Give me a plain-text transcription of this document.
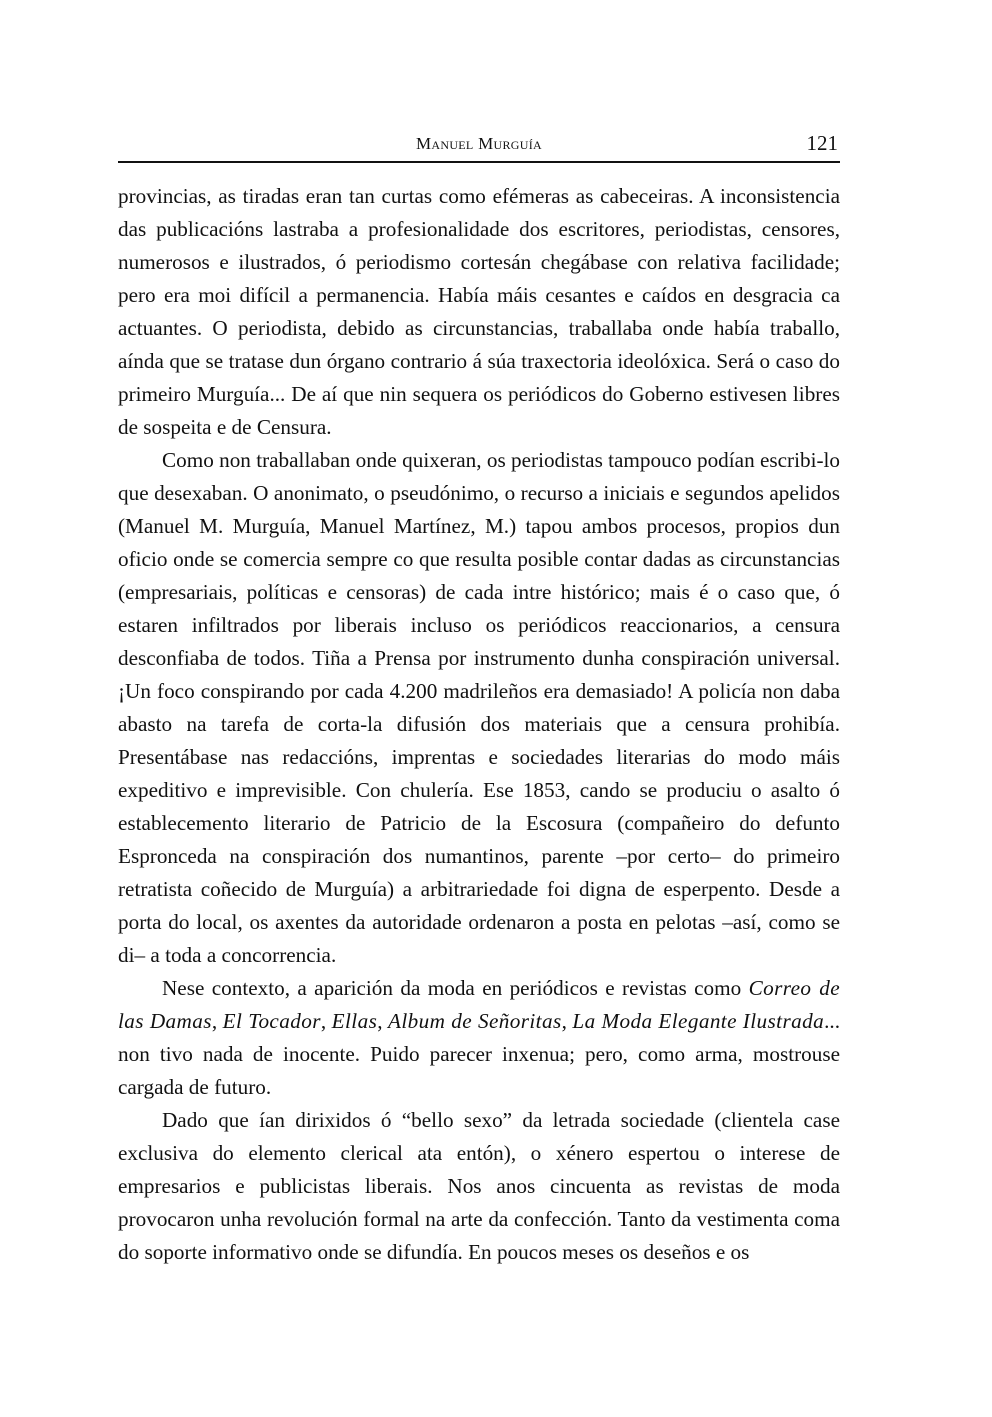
Manuel Murguía	121

provincias, as tiradas eran tan curtas como efémeras as cabeceiras. A inconsistencia das publicacións lastraba a profesionalidade dos escritores, periodistas, censores, numerosos e ilustrados, ó periodismo cortesán chegábase con relativa facilidade; pero era moi difícil a permanencia. Había máis cesantes e caídos en desgracia ca actuantes. O periodista, debido as circunstancias, traballaba onde había traballo, aínda que se tratase dun órgano contrario á súa traxectoria ideolóxica. Será o caso do primeiro Murguía... De aí que nin sequera os periódicos do Goberno estivesen libres de sospeita e de Censura.

Como non traballaban onde quixeran, os periodistas tampouco podían escribi-lo que desexaban. O anonimato, o pseudónimo, o recurso a iniciais e segundos apelidos (Manuel M. Murguía, Manuel Martínez, M.) tapou ambos procesos, propios dun oficio onde se comercia sempre co que resulta posible contar dadas as circunstancias (empresariais, políticas e censoras) de cada intre histórico; mais é o caso que, ó estaren infiltrados por liberais incluso os periódicos reaccionarios, a censura desconfiaba de todos. Tiña a Prensa por instrumento dunha conspiración universal. ¡Un foco conspirando por cada 4.200 madrileños era demasiado! A policía non daba abasto na tarefa de corta-la difusión dos materiais que a censura prohibía. Presentábase nas redaccións, imprentas e sociedades literarias do modo máis expeditivo e imprevisible. Con chulería. Ese 1853, cando se produciu o asalto ó establecemento literario de Patricio de la Escosura (compañeiro do defunto Espronceda na conspiración dos numantinos, parente –por certo– do primeiro retratista coñecido de Murguía) a arbitrariedade foi digna de esperpento. Desde a porta do local, os axentes da autoridade ordenaron a posta en pelotas –así, como se di– a toda a concorrencia.

Nese contexto, a aparición da moda en periódicos e revistas como Correo de las Damas, El Tocador, Ellas, Album de Señoritas, La Moda Elegante Ilustrada... non tivo nada de inocente. Puido parecer inxenua; pero, como arma, mostrouse cargada de futuro.

Dado que ían dirixidos ó “bello sexo” da letrada sociedade (clientela case exclusiva do elemento clerical ata entón), o xénero espertou o interese de empresarios e publicistas liberais. Nos anos cincuenta as revistas de moda provocaron unha revolución formal na arte da confección. Tanto da vestimenta coma do soporte informativo onde se difundía. En poucos meses os deseños e os
